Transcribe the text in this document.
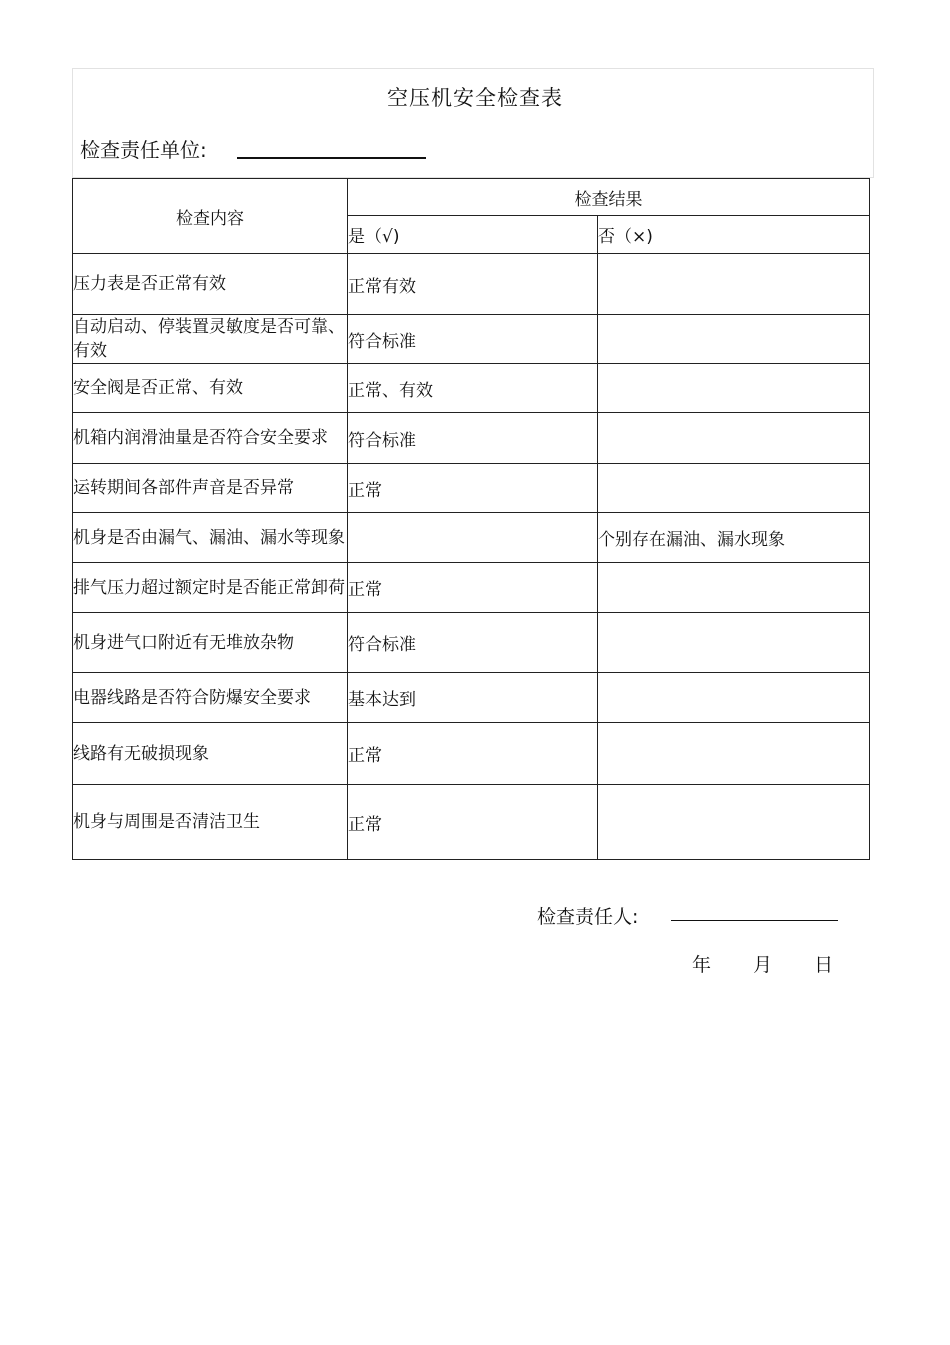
空压机安全检查表
检查责任单位:
检查内容	检查结果	
	是（√)	否（×)
压力表是否正常有效	正常有效	
自动启动、停装置灵敏度是否可靠、有效	符合标准	
安全阀是否正常、有效	正常、有效	
机箱内润滑油量是否符合安全要求	符合标准	
运转期间各部件声音是否异常	正常	
机身是否由漏气、漏油、漏水等现象		个别存在漏油、漏水现象
排气压力超过额定时是否能正常卸荷	正常	
机身进气口附近有无堆放杂物	符合标准	
电器线路是否符合防爆安全要求	基本达到	
线路有无破损现象	正常	
机身与周围是否清洁卫生	正常	
检查责任人:
年 月 日
